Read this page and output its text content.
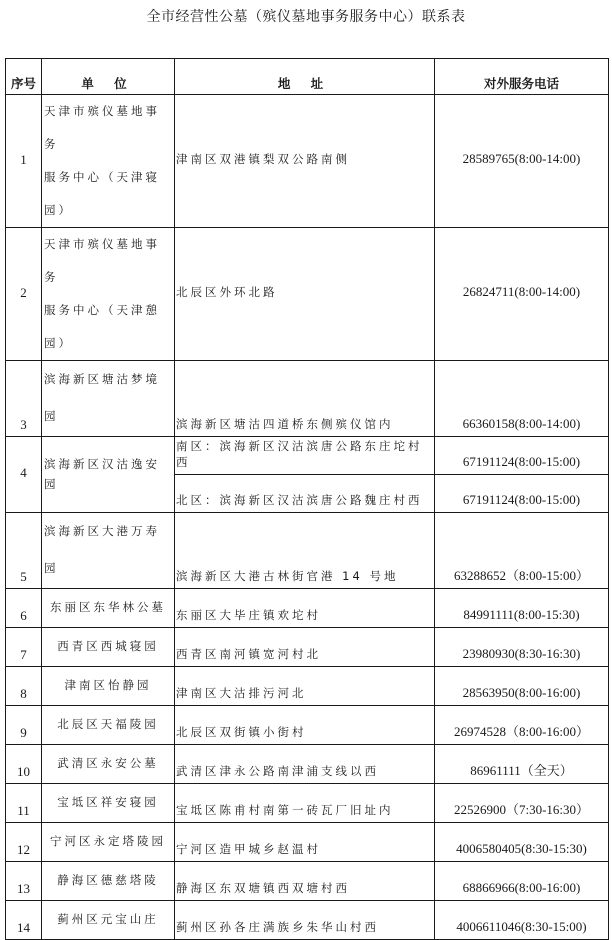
全市经营性公墓（殡仪墓地事务服务中心）联系表
序号	单 位	地 址	对外服务电话
1	天津市殡仪墓地事务
服务中心（天津寝园）	津南区双港镇梨双公路南侧	28589765(8:00-14:00)
2	天津市殡仪墓地事务
服务中心（天津憩园）	北辰区外环北路	26824711(8:00-14:00)
3	滨海新区塘沽梦境园	滨海新区塘沽四道桥东侧殡仪馆内	66360158(8:00-14:00)
4	滨海新区汉沽逸安园	南区：滨海新区汉沽滨唐公路东庄坨村西	67191124(8:00-15:00)
		北区：滨海新区汉沽滨唐公路魏庄村西	67191124(8:00-15:00)
5	滨海新区大港万寿园	滨海新区大港古林街官港 14 号地	63288652（8:00-15:00）
6	东丽区东华林公墓	东丽区大毕庄镇欢坨村	84991111(8:00-15:30)
7	西青区西城寝园	西青区南河镇宽河村北	23980930(8:30-16:30)
8	津南区怡静园	津南区大沽排污河北	28563950(8:00-16:00)
9	北辰区天福陵园	北辰区双街镇小街村	26974528（8:00-16:00）
10	武清区永安公墓	武清区津永公路南津浦支线以西	86961111（全天）
11	宝坻区祥安寝园	宝坻区陈甫村南第一砖瓦厂旧址内	22526900（7:30-16:30）
12	宁河区永定塔陵园	宁河区造甲城乡赵温村	4006580405(8:30-15:30)
13	静海区德慈塔陵	静海区东双塘镇西双塘村西	68866966(8:00-16:00)
14	蓟州区元宝山庄	蓟州区孙各庄满族乡朱华山村西	4006611046(8:30-15:00)
